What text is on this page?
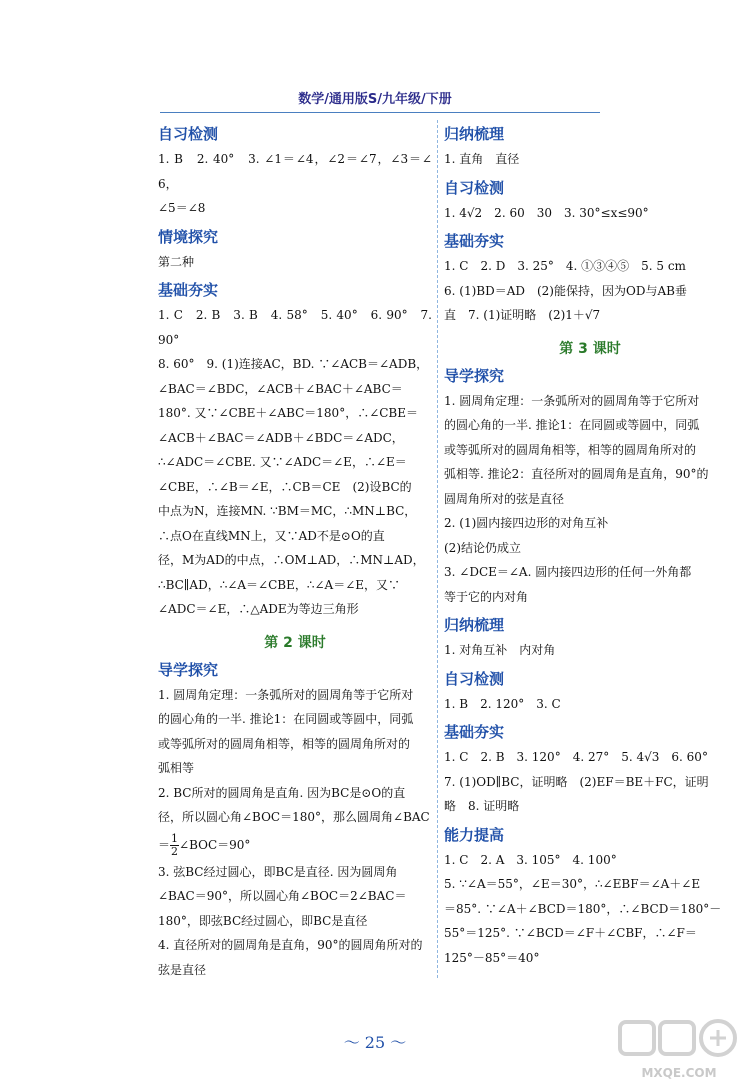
数学/通用版S/九年级/下册
自习检测

1. B　2. 40°　3. ∠1＝∠4，∠2＝∠7，∠3＝∠6，

∠5＝∠8

情境探究

第二种

基础夯实

1. C　2. B　3. B　4. 58°　5. 40°　6. 90°　7. 90°

8. 60°　9. (1)连接AC，BD. ∵∠ACB＝∠ADB，

∠BAC＝∠BDC，∠ACB＋∠BAC＋∠ABC＝

180°. 又∵∠CBE＋∠ABC＝180°，∴∠CBE＝

∠ACB＋∠BAC＝∠ADB＋∠BDC＝∠ADC，

∴∠ADC＝∠CBE. 又∵∠ADC＝∠E，∴∠E＝

∠CBE，∴∠B＝∠E，∴CB＝CE　(2)设BC的

中点为N，连接MN. ∵BM＝MC，∴MN⊥BC，

∴点O在直线MN上，又∵AD不是⊙O的直

径，M为AD的中点，∴OM⊥AD，∴MN⊥AD，

∴BC∥AD，∴∠A＝∠CBE，∴∠A＝∠E，又∵

∠ADC＝∠E，∴△ADE为等边三角形

第 2 课时
导学探究

1. 圆周角定理：一条弧所对的圆周角等于它所对

的圆心角的一半. 推论1：在同圆或等圆中，同弧

或等弧所对的圆周角相等，相等的圆周角所对的

弧相等

2. BC所对的圆周角是直角. 因为BC是⊙O的直

径，所以圆心角∠BOC＝180°，那么圆周角∠BAC

＝ $\frac{1}{2}$ ∠BOC＝90°

3. 弦BC经过圆心，即BC是直径. 因为圆周角

∠BAC＝90°，所以圆心角∠BOC＝2∠BAC＝

180°，即弦BC经过圆心，即BC是直径

4. 直径所对的圆周角是直角，90°的圆周角所对的

弦是直径

归纳梳理

1. 直角　直径

自习检测

1. 4√2　2. 60　30　3. 30°≤x≤90°

基础夯实

1. C　2. D　3. 25°　4. ①③④⑤　5. 5 cm

6. (1)BD＝AD　(2)能保持，因为OD与AB垂

直　7. (1)证明略　(2)1＋√7

第 3 课时
导学探究

1. 圆周角定理：一条弧所对的圆周角等于它所对

的圆心角的一半. 推论1：在同圆或等圆中，同弧

或等弧所对的圆周角相等，相等的圆周角所对的

弧相等. 推论2：直径所对的圆周角是直角，90°的

圆周角所对的弦是直径

2. (1)圆内接四边形的对角互补

(2)结论仍成立

3. ∠DCE＝∠A. 圆内接四边形的任何一外角都

等于它的内对角

归纳梳理

1. 对角互补　内对角

自习检测

1. B　2. 120°　3. C

基础夯实

1. C　2. B　3. 120°　4. 27°　5. 4√3　6. 60°

7. (1)OD∥BC，证明略　(2)EF＝BE＋FC，证明

略　8. 证明略

能力提高

1. C　2. A　3. 105°　4. 100°

5. ∵∠A＝55°，∠E＝30°，∴∠EBF＝∠A＋∠E

＝85°. ∵∠A＋∠BCD＝180°，∴∠BCD＝180°－

55°＝125°. ∵∠BCD＝∠F＋∠CBF，∴∠F＝

125°－85°＝40°

～ 25 ～
MXQE.COM
